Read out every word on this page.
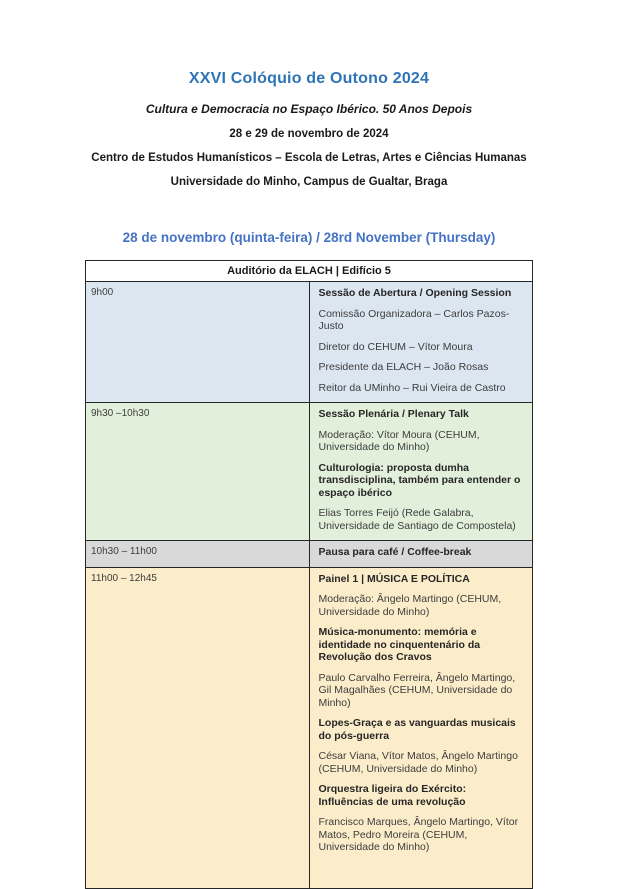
XXVI Colóquio de Outono 2024

Cultura e Democracia no Espaço Ibérico. 50 Anos Depois

28 e 29 de novembro de 2024

Centro de Estudos Humanísticos – Escola de Letras, Artes e Ciências Humanas

Universidade do Minho, Campus de Gualtar, Braga

28 de novembro (quinta-feira) / 28rd November (Thursday)
Auditório da ELACH | Edifício 5	
9h00	Sessão de Abertura / Opening Session

Comissão Organizadora – Carlos Pazos-Justo

Diretor do CEHUM – Vítor Moura

Presidente da ELACH – João Rosas

Reitor da UMinho – Rui Vieira de Castro

9h30 –10h30	Sessão Plenária / Plenary Talk

Moderação: Vítor Moura (CEHUM, Universidade do Minho)

Culturologia: proposta dumha transdisciplina, também para entender o espaço ibérico

Elias Torres Feijó (Rede Galabra, Universidade de Santiago de Compostela)

10h30 – 11h00	Pausa para café / Coffee-break

11h00 – 12h45	Painel 1 | MÚSICA E POLÍTICA

Moderação: Ângelo Martingo (CEHUM, Universidade do Minho)

Música-monumento: memória e identidade no cinquentenário da Revolução dos Cravos

Paulo Carvalho Ferreira, Ângelo Martingo, Gil Magalhães (CEHUM, Universidade do Minho)

Lopes-Graça e as vanguardas musicais do pós-guerra

César Viana, Vítor Matos, Ângelo Martingo (CEHUM, Universidade do Minho)

Orquestra ligeira do Exército: Influências de uma revolução

Francisco Marques, Ângelo Martingo, Vítor Matos, Pedro Moreira (CEHUM, Universidade do Minho)
